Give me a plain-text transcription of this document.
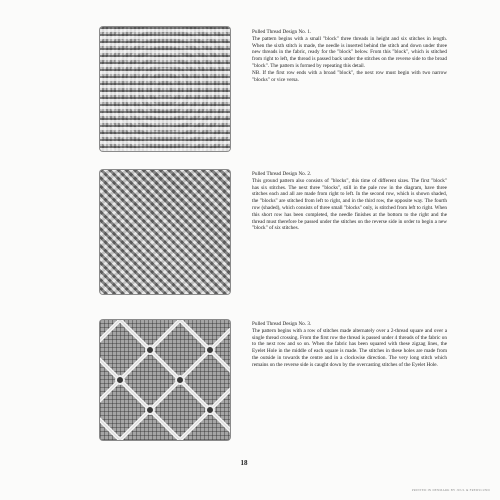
Pulled Thread Design No. 1.

The pattern begins with a small "block" three threads in height and six stitches in length. When the sixth stitch is made, the needle is inserted behind the stitch and down under three new threads in the fabric, ready for the "block" below. From this "block", which is stitched from right to left, the thread is passed back under the stitches on the reverse side to the broad "block". The pattern is formed by repeating this detail.

NB. If the first row ends with a broad "block", the next row must begin with two narrow "blocks" or vice versa.

Pulled Thread Design No. 2.

This ground pattern also consists of "blocks", this time of different sizes. The first "block" has six stitches. The next three "blocks", still in the pale row in the diagram, have three stitches each and all are made from right to left. In the second row, which is shown shaded, the "blocks" are stitched from left to right, and in the third row, the opposite way. The fourth row (shaded), which consists of three small "blocks" only, is stitched from left to right. When this short row has been completed, the needle finishes at the bottom to the right and the thread must therefore be passed under the stitches on the reverse side in order to begin a new "block" of six stitches.

Pulled Thread Design No. 3.

The pattern begins with a row of stitches made alternately over a 2-thread square and over a single thread crossing. From the first row the thread is passed under 4 threads of the fabric on to the next row and so on. When the fabric has been squared with these zigzag lines, the Eyelet Hole in the middle of each square is made. The stitches in these holes are made from the outside in towards the centre and in a clockwise direction. The very long stitch which remains on the reverse side is caught down by the overcasting stitches of the Eyelet Hole.

18
PRINTED IN DENMARK BY JUUL & FREDSLUND
